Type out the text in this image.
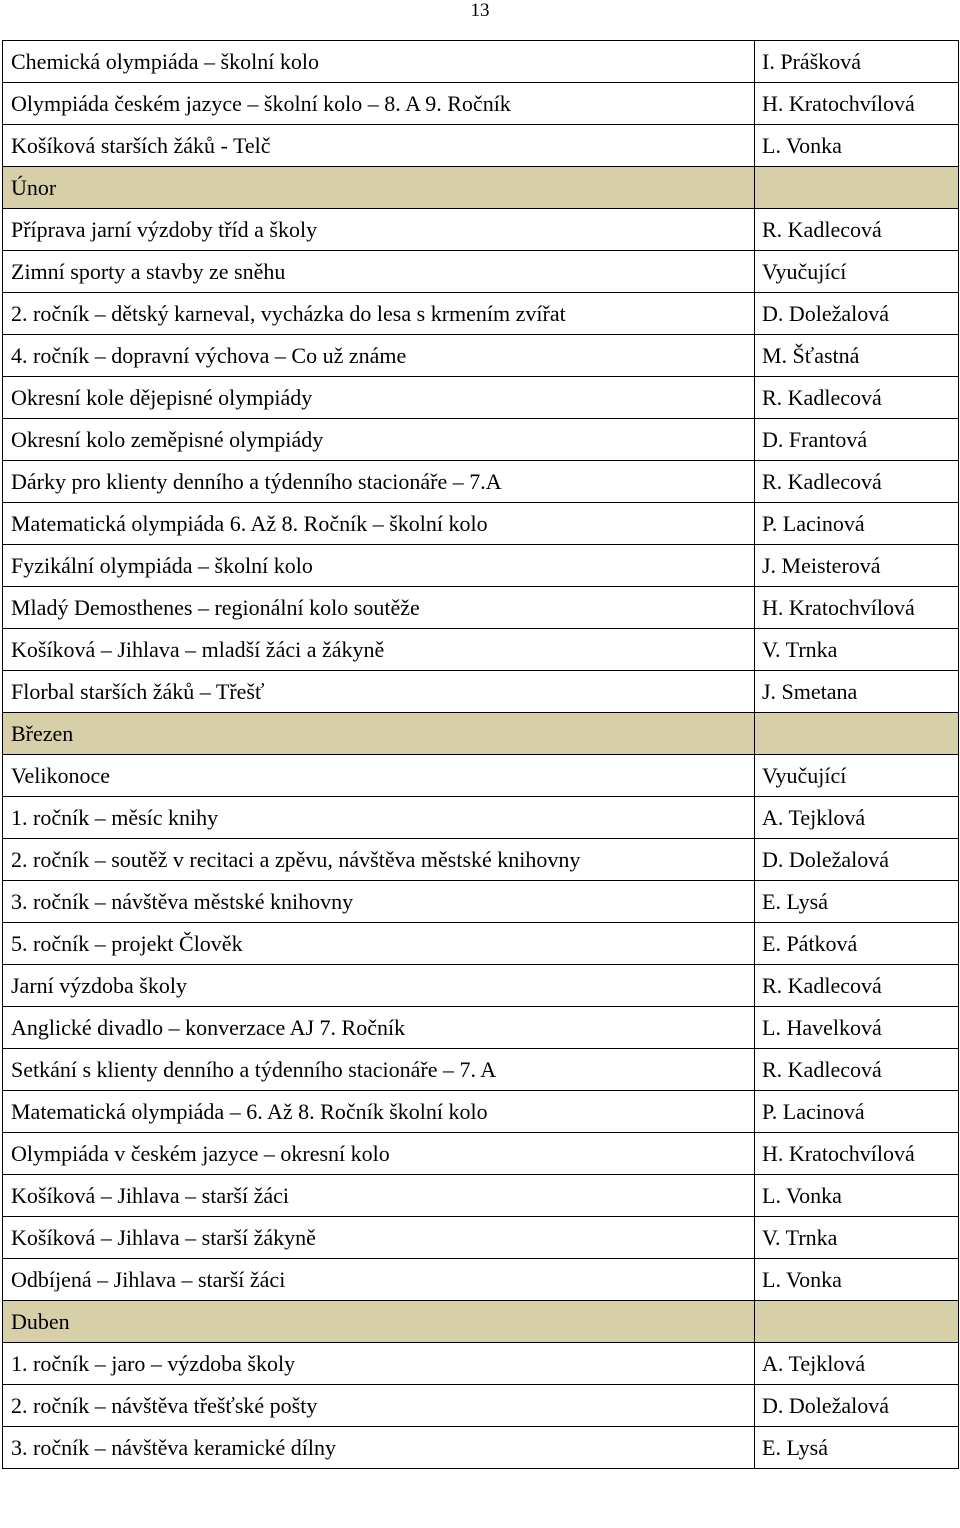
13
Chemická olympiáda – školní kolo	I. Prášková
Olympiáda českém jazyce – školní kolo – 8. A 9. Ročník	H. Kratochvílová
Košíková starších žáků - Telč	L. Vonka
Únor	
Příprava jarní výzdoby tříd a školy	R. Kadlecová
Zimní sporty a stavby ze sněhu	Vyučující
2. ročník – dětský karneval, vycházka do lesa s krmením zvířat	D. Doležalová
4. ročník – dopravní výchova – Co už známe	M. Šťastná
Okresní kole dějepisné olympiády	R. Kadlecová
Okresní kolo zeměpisné olympiády	D. Frantová
Dárky pro klienty denního a týdenního stacionáře – 7.A	R. Kadlecová
Matematická olympiáda 6. Až 8. Ročník – školní kolo	P. Lacinová
Fyzikální olympiáda – školní kolo	J. Meisterová
Mladý Demosthenes – regionální kolo soutěže	H. Kratochvílová
Košíková – Jihlava – mladší žáci a žákyně	V. Trnka
Florbal starších žáků – Třešť	J. Smetana
Březen	
Velikonoce	Vyučující
1. ročník – měsíc knihy	A. Tejklová
2. ročník – soutěž v recitaci a zpěvu, návštěva městské knihovny	D. Doležalová
3. ročník – návštěva městské knihovny	E. Lysá
5. ročník – projekt Člověk	E. Pátková
Jarní výzdoba školy	R. Kadlecová
Anglické divadlo – konverzace AJ 7. Ročník	L. Havelková
Setkání s klienty denního a týdenního stacionáře – 7. A	R. Kadlecová
Matematická olympiáda – 6. Až 8. Ročník školní kolo	P. Lacinová
Olympiáda v českém jazyce – okresní kolo	H. Kratochvílová
Košíková – Jihlava – starší žáci	L. Vonka
Košíková – Jihlava – starší žákyně	V. Trnka
Odbíjená – Jihlava – starší žáci	L. Vonka
Duben	
1. ročník – jaro – výzdoba školy	A. Tejklová
2. ročník – návštěva třešťské pošty	D. Doležalová
3. ročník – návštěva keramické dílny	E. Lysá
